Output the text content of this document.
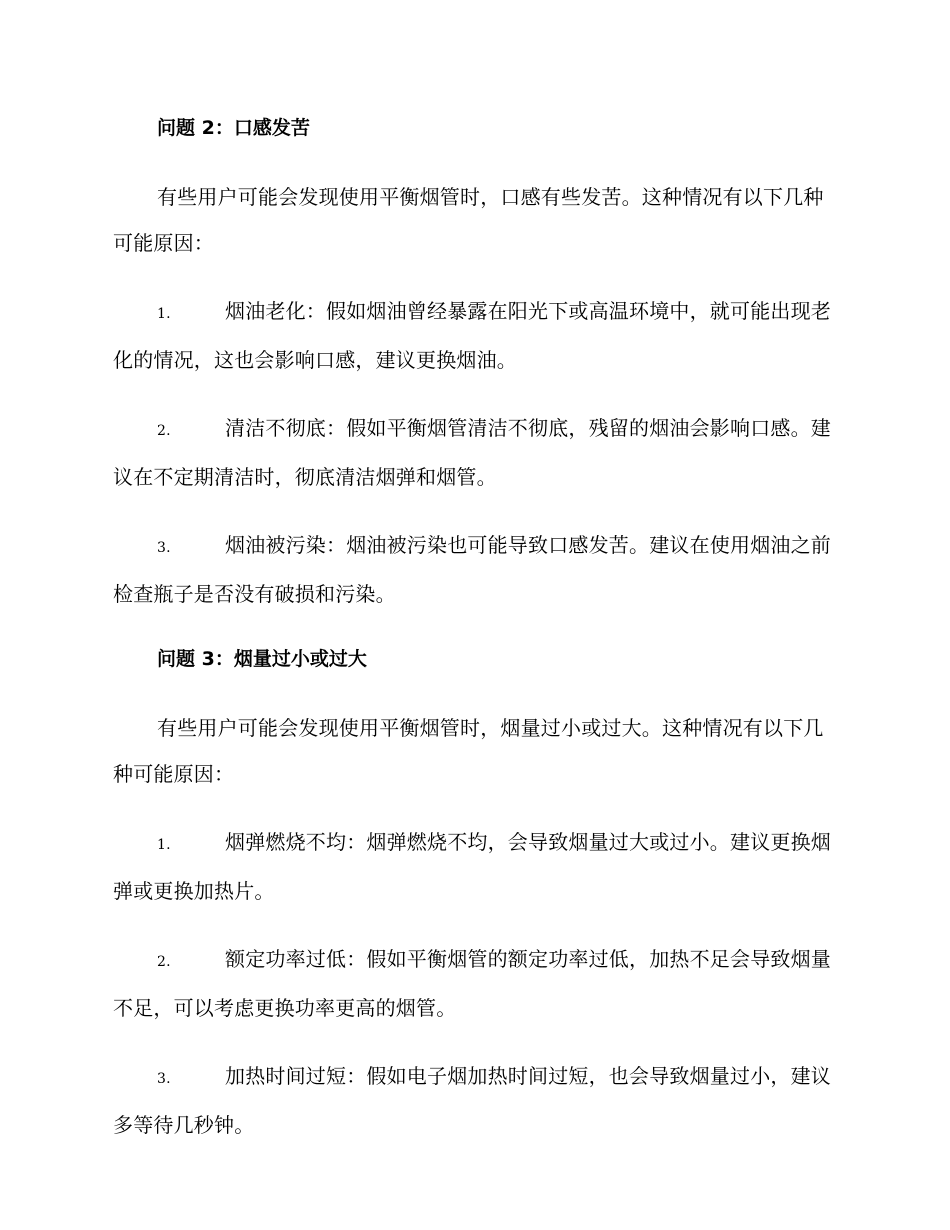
问题 2：口感发苦
有些用户可能会发现使用平衡烟管时，口感有些发苦。这种情况有以下几种可能原因：
1.	烟油老化：假如烟油曾经暴露在阳光下或高温环境中，就可能出现老化的情况，这也会影响口感，建议更换烟油。
2.	清洁不彻底：假如平衡烟管清洁不彻底，残留的烟油会影响口感。建议在不定期清洁时，彻底清洁烟弹和烟管。
3.	烟油被污染：烟油被污染也可能导致口感发苦。建议在使用烟油之前检查瓶子是否没有破损和污染。
问题 3：烟量过小或过大
有些用户可能会发现使用平衡烟管时，烟量过小或过大。这种情况有以下几种可能原因：
1.	烟弹燃烧不均：烟弹燃烧不均，会导致烟量过大或过小。建议更换烟弹或更换加热片。
2.	额定功率过低：假如平衡烟管的额定功率过低，加热不足会导致烟量不足，可以考虑更换功率更高的烟管。
3.	加热时间过短：假如电子烟加热时间过短，也会导致烟量过小，建议多等待几秒钟。
